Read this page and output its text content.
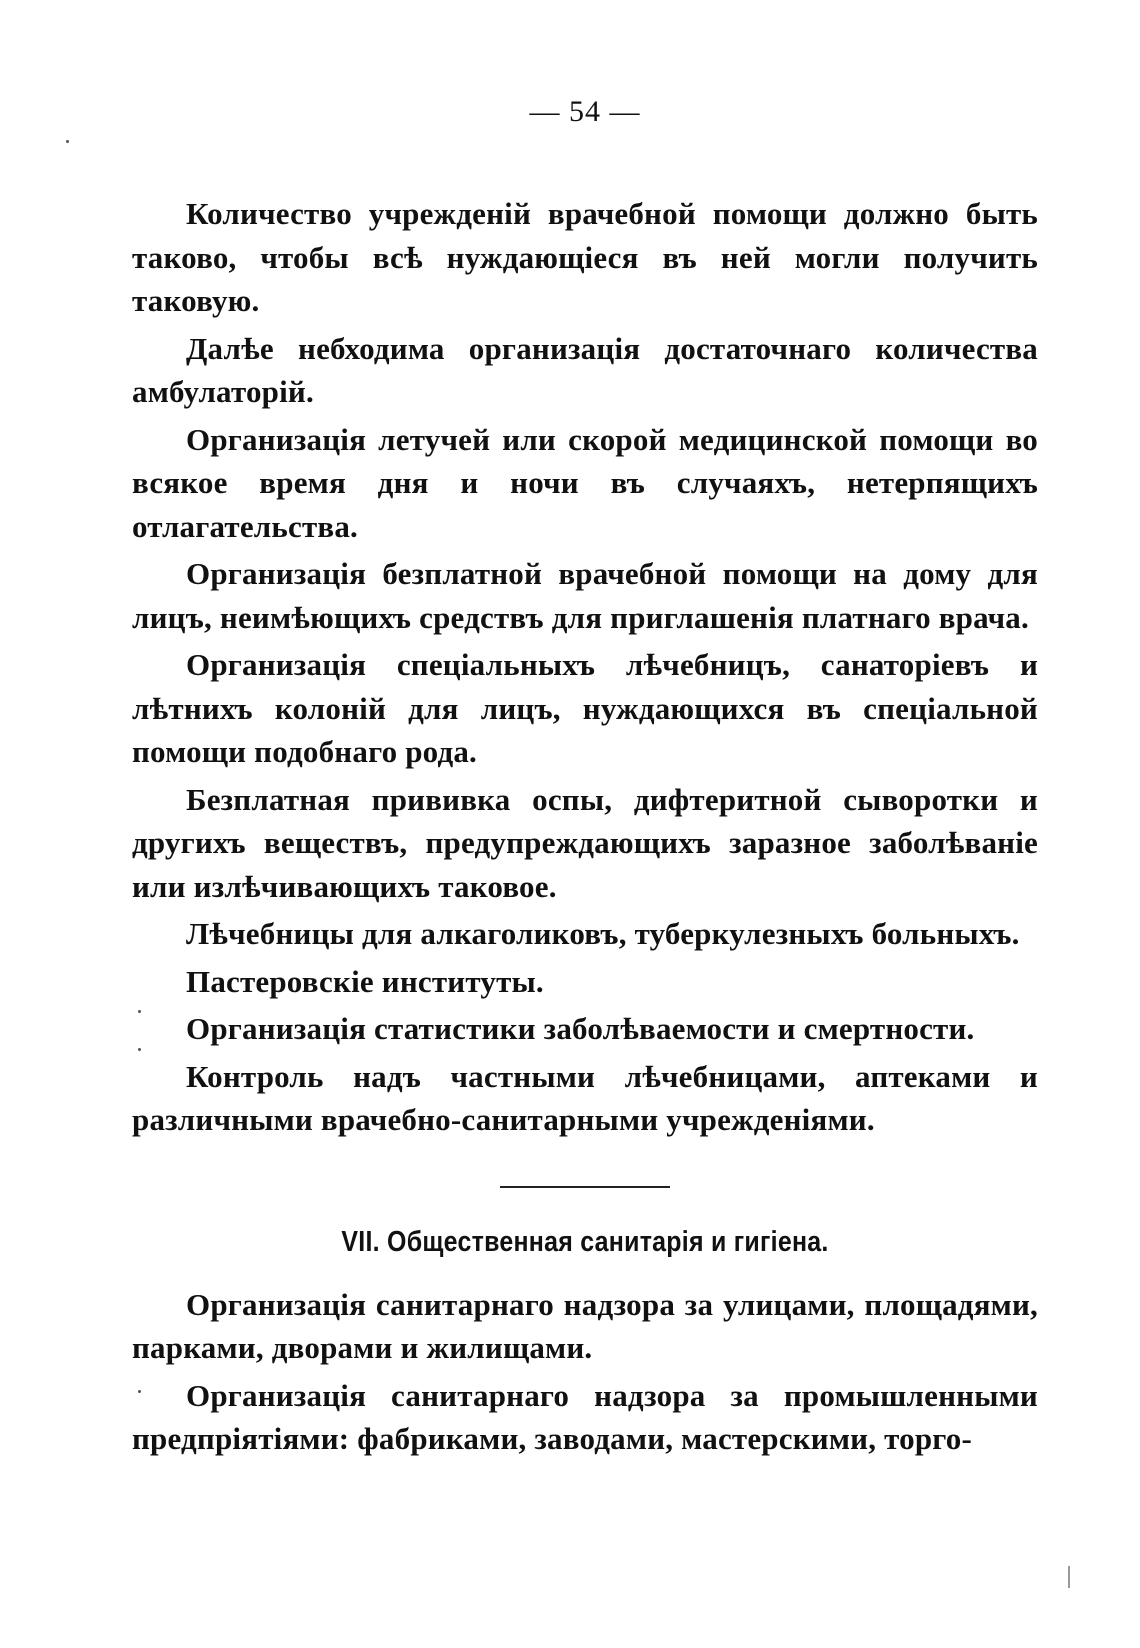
— 54 —

Количество учрежденій врачебной помощи должно быть таково, чтобы всѣ нуждающіеся въ ней могли получить таковую.

Далѣе небходима организація достаточнаго количества амбулаторій.

Организація летучей или скорой медицинской помощи во всякое время дня и ночи въ случаяхъ, нетерпящихъ отлагательства.

Организація безплатной врачебной помощи на дому для лицъ, неимѣющихъ средствъ для приглашенія платнаго врача.

Организація спеціальныхъ лѣчебницъ, санаторіевъ и лѣтнихъ колоній для лицъ, нуждающихся въ спеціальной помощи подобнаго рода.

Безплатная прививка оспы, дифтеритной сыворотки и другихъ веществъ, предупреждающихъ заразное заболѣваніе или излѣчивающихъ таковое.

Лѣчебницы для алкаголиковъ, туберкулезныхъ больныхъ.

Пастеровскіе институты.

Организація статистики заболѣваемости и смертности.

Контроль надъ частными лѣчебницами, аптеками и различными врачебно-санитарными учрежденіями.

VII. Общественная санитарія и гигіена.

Организація санитарнаго надзора за улицами, площадями, парками, дворами и жилищами.

Организація санитарнаго надзора за промышленными предпріятіями: фабриками, заводами, мастерскими, торго-
